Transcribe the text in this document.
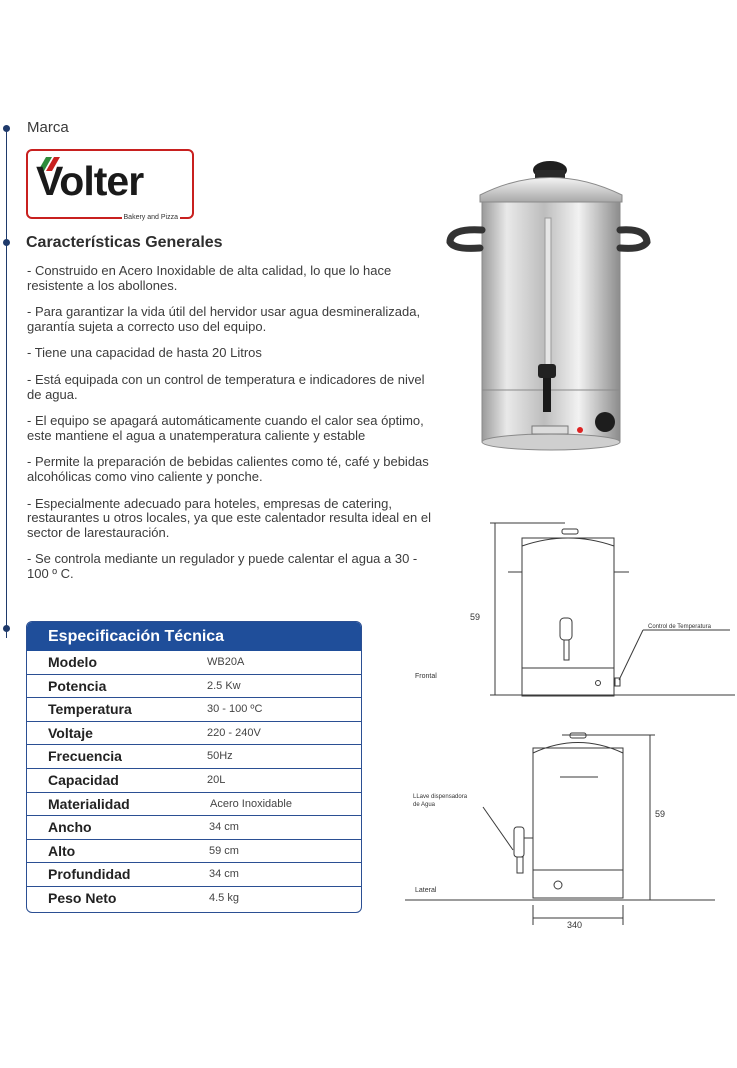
Marca
Volter
Bakery and Pizza
Características Generales

- Construido en Acero Inoxidable de alta calidad, lo que lo hace resistente a los abollones.

- Para garantizar la vida útil del hervidor usar agua desmineralizada, garantía sujeta a correcto uso del equipo.

- Tiene una capacidad de hasta 20 Litros

- Está equipada con un control de temperatura e indicadores de nivel de agua.

- El equipo se apagará automáticamente cuando el calor sea óptimo, este mantiene el agua a unatemperatura caliente y estable

- Permite la preparación de bebidas calientes como té, café y bebidas alcohólicas como vino caliente y ponche.

- Especialmente adecuado para hoteles, empresas de catering, restaurantes u otros locales, ya que este calentador resulta ideal en el sector de larestauración.

- Se controla mediante un regulador y puede calentar el agua a 30 - 100 º C.

Especificación Técnica
Modelo	WB20A
Potencia	2.5 Kw
Temperatura	30 - 100 ºC
Voltaje	220 - 240V
Frecuencia	50Hz
Capacidad	20L
Materialidad	Acero Inoxidable
Ancho	34 cm
Alto	59 cm
Profundidad	34 cm
Peso Neto	4.5 kg
59
Frontal
Control de Temperatura
59
LLave dispensadora
de Agua
Lateral
340
